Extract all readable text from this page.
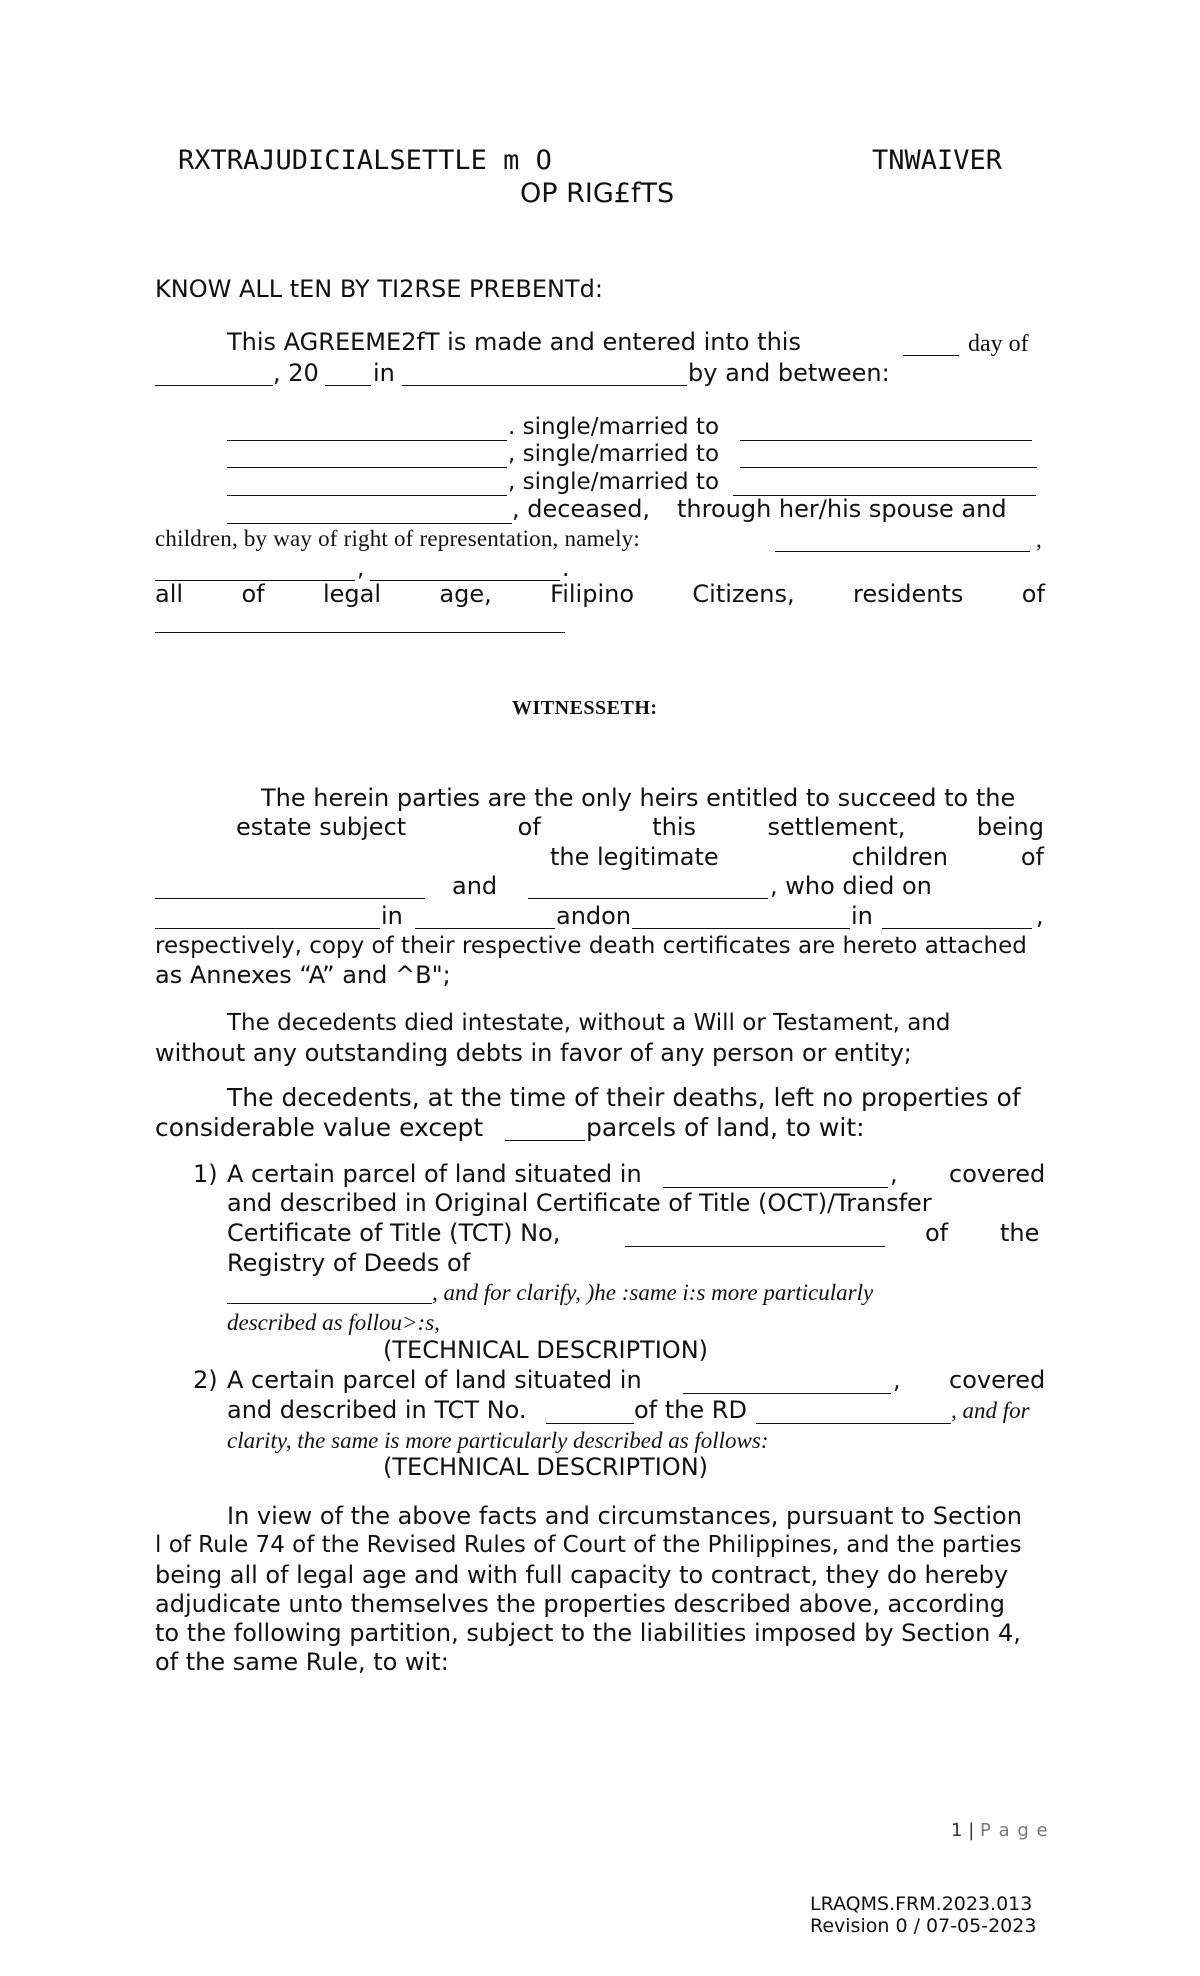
RXTRAJUDICIALSETTLE m O	TNWAIVER
OP RIG£fTS
KNOW ALL tEN BY TI2RSE PREBENTd:
This AGREEME2fT is made and entered into this	day of
, 20 in	by and between:
. single/married to
, single/married to
, single/married to
, deceased, through her/his spouse and
children, by way of right of representation, namely:	,
,	.
all of legal age, Filipino Citizens, residents of
WITNESSETH:
The herein parties are the only heirs entitled to succeed to the
estate subject	of	this	settlement,	being
the legitimate	children	of
and	, who died on
in	andon	in	,
respectively, copy of their respective death certificates are hereto attached
as Annexes “A” and ^B";
The decedents died intestate, without a Will or Testament, and
without any outstanding debts in favor of any person or entity;
The decedents, at the time of their deaths, left no properties of
considerable value except	parcels of land, to wit:
1) A certain parcel of land situated in	, covered
and described in Original Certificate of Title (OCT)/Transfer
Certificate of Title (TCT) No,	of the
Registry of Deeds of
, and for clarify, )he :same i:s more particularly
described as follou>:s,
(TECHNICAL DESCRIPTION)
2) A certain parcel of land situated in	, covered
and described in TCT No.	of the RD	, and for
clarity, the same is more particularly described as follows:
(TECHNICAL DESCRIPTION)
In view of the above facts and circumstances, pursuant to Section
l of Rule 74 of the Revised Rules of Court of the Philippines, and the parties
being all of legal age and with full capacity to contract, they do hereby
adjudicate unto themselves the properties described above, according
to the following partition, subject to the liabilities imposed by Section 4,
of the same Rule, to wit:
1 | P a g e
LRAQMS.FRM.2023.013
Revision 0 / 07-05-2023
